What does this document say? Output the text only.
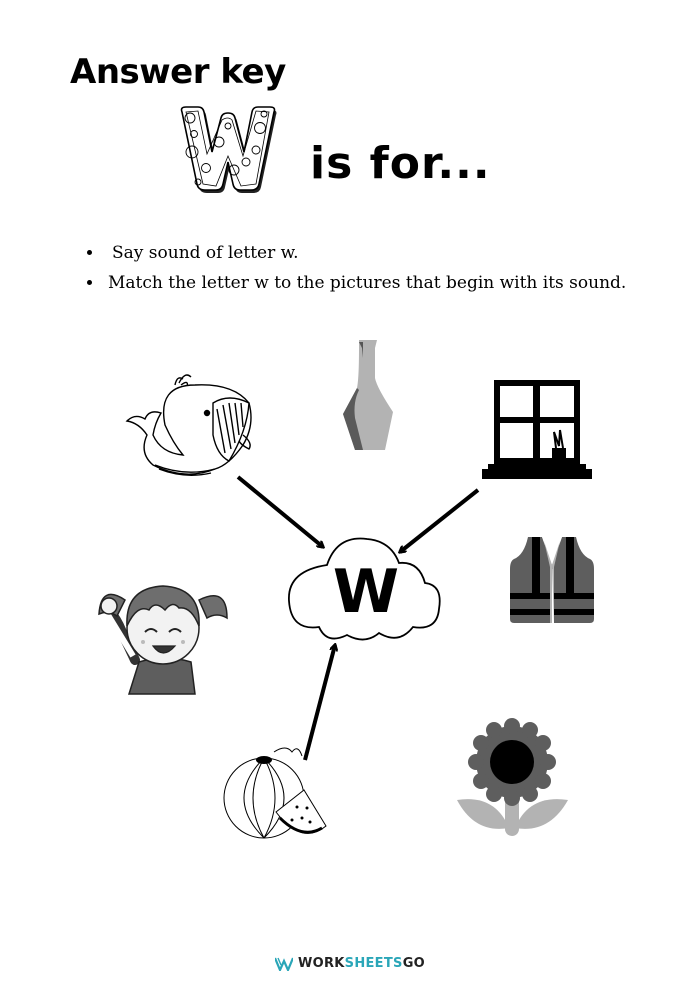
Answer key
is for...
• Say sound of letter w.
• Match the letter w to the pictures that begin with its sound.
W
WORKSHEETSGO
